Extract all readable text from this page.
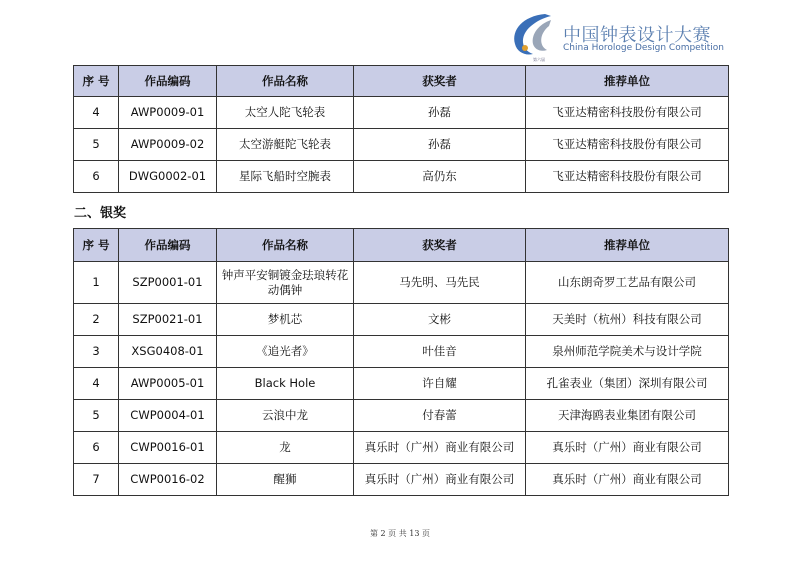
中国钟表设计大赛
China Horologe Design Competition
第六届
序 号	作品编码	作品名称	获奖者	推荐单位
4	AWP0009-01	太空人陀飞轮表	孙磊	飞亚达精密科技股份有限公司
5	AWP0009-02	太空游艇陀飞轮表	孙磊	飞亚达精密科技股份有限公司
6	DWG0002-01	星际飞船时空腕表	高仍东	飞亚达精密科技股份有限公司
二、银奖
序 号	作品编码	作品名称	获奖者	推荐单位
1	SZP0001-01	钟声平安铜镀金珐琅转花动偶钟	马先明、马先民	山东朗奇罗工艺品有限公司
2	SZP0021-01	梦机芯	文彬	天美时（杭州）科技有限公司
3	XSG0408-01	《追光者》	叶佳音	泉州师范学院美术与设计学院
4	AWP0005-01	Black Hole	许自耀	孔雀表业（集团）深圳有限公司
5	CWP0004-01	云浪中龙	付春蕾	天津海鸥表业集团有限公司
6	CWP0016-01	龙	真乐时（广州）商业有限公司	真乐时（广州）商业有限公司
7	CWP0016-02	醒狮	真乐时（广州）商业有限公司	真乐时（广州）商业有限公司
第 2 页 共 13 页
